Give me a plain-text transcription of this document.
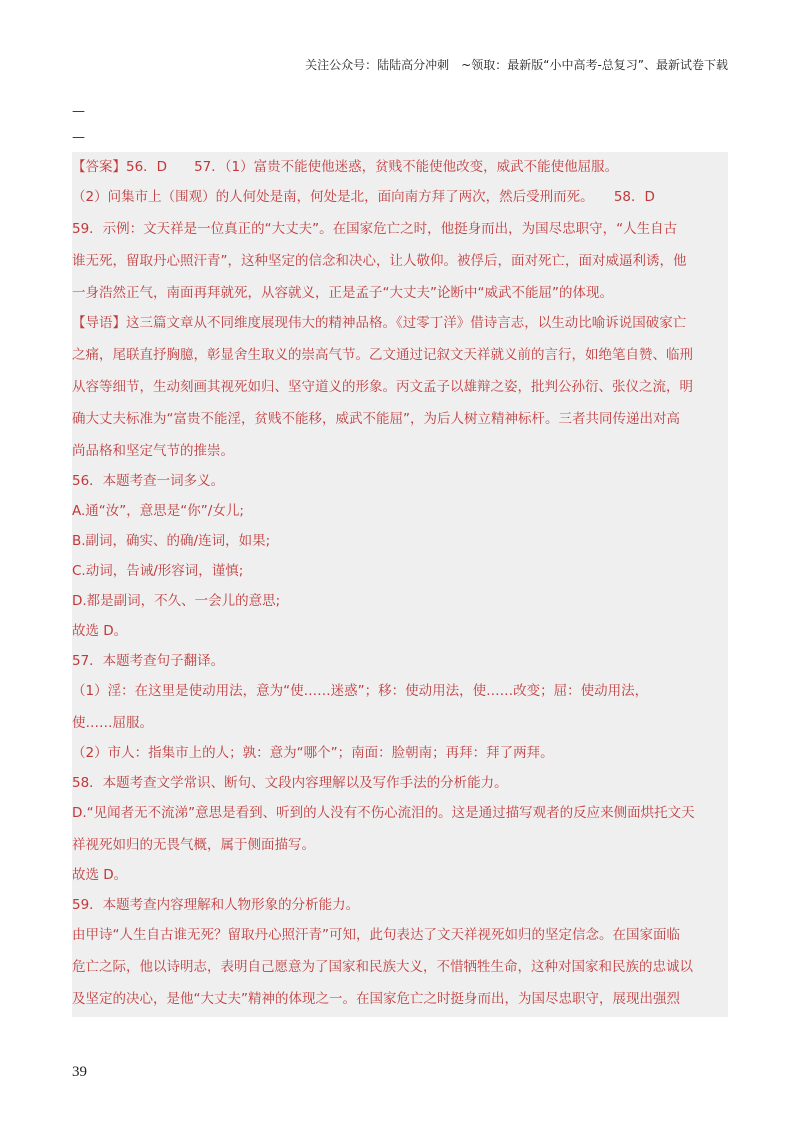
关注公众号：陆陆高分冲刺　~领取：最新版“小中高考-总复习”、最新试卷下载
—
—
【答案】56．D　　57．（1）富贵不能使他迷惑，贫贱不能使他改变，威武不能使他屈服。
（2）问集市上（围观）的人何处是南，何处是北，面向南方拜了两次，然后受刑而死。　　58．D
59．示例：文天祥是一位真正的“大丈夫”。在国家危亡之时，他挺身而出，为国尽忠职守，“人生自古
谁无死，留取丹心照汗青”，这种坚定的信念和决心，让人敬仰。被俘后，面对死亡，面对威逼利诱，他
一身浩然正气，南面再拜就死，从容就义，正是孟子“大丈夫”论断中“威武不能屈”的体现。
【导语】这三篇文章从不同维度展现伟大的精神品格。《过零丁洋》借诗言志，以生动比喻诉说国破家亡
之痛，尾联直抒胸臆，彰显舍生取义的崇高气节。乙文通过记叙文天祥就义前的言行，如绝笔自赞、临刑
从容等细节，生动刻画其视死如归、坚守道义的形象。丙文孟子以雄辩之姿，批判公孙衍、张仪之流，明
确大丈夫标准为“富贵不能淫，贫贱不能移，威武不能屈”，为后人树立精神标杆。三者共同传递出对高
尚品格和坚定气节的推崇。
56．本题考查一词多义。
A.通“汝”，意思是“你”/女儿;
B.副词，确实、的确/连词，如果;
C.动词，告诫/形容词，谨慎;
D.都是副词，不久、一会儿的意思;
故选 D。
57．本题考查句子翻译。
（1）淫：在这里是使动用法，意为“使……迷惑”；移：使动用法，使……改变；屈：使动用法，
使……屈服。
（2）市人：指集市上的人；孰：意为“哪个”；南面：脸朝南；再拜：拜了两拜。
58．本题考查文学常识、断句、文段内容理解以及写作手法的分析能力。
D.“见闻者无不流涕”意思是看到、听到的人没有不伤心流泪的。这是通过描写观者的反应来侧面烘托文天
祥视死如归的无畏气概，属于侧面描写。
故选 D。
59．本题考查内容理解和人物形象的分析能力。
由甲诗“人生自古谁无死？留取丹心照汗青”可知，此句表达了文天祥视死如归的坚定信念。在国家面临
危亡之际，他以诗明志，表明自己愿意为了国家和民族大义，不惜牺牲生命，这种对国家和民族的忠诚以
及坚定的决心，是他“大丈夫”精神的体现之一。在国家危亡之时挺身而出，为国尽忠职守，展现出强烈
39
